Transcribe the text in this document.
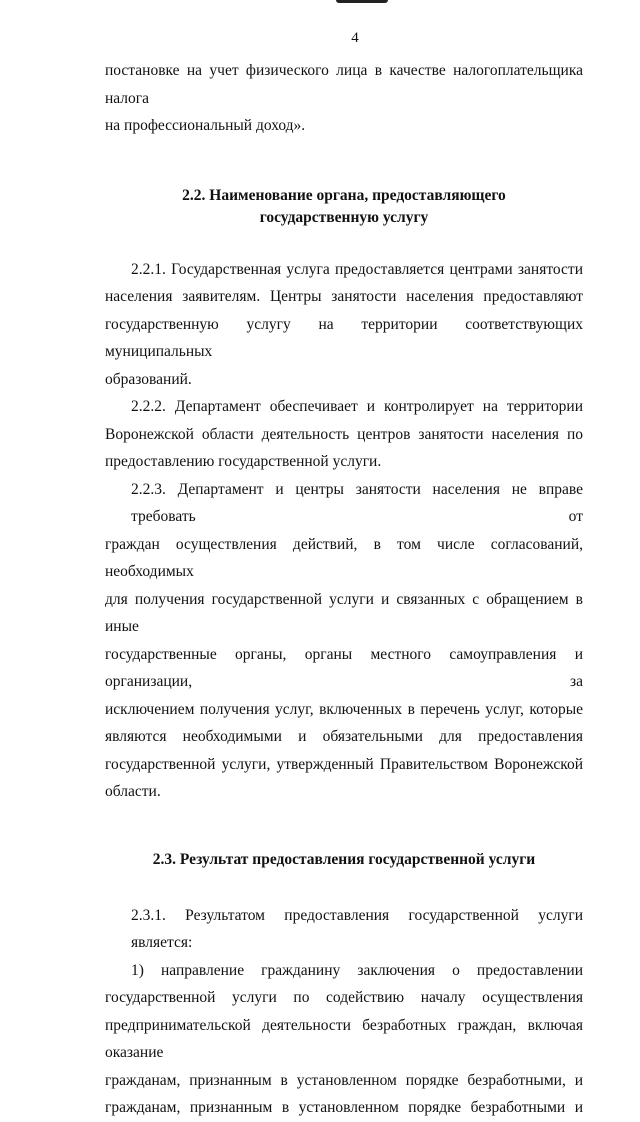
4
постановке на учет физического лица в качестве налогоплательщика налога
на профессиональный доход».
2.2. Наименование органа, предоставляющего
государственную услугу
2.2.1. Государственная услуга предоставляется центрами занятости
населения заявителям. Центры занятости населения предоставляют
государственную услугу на территории соответствующих муниципальных
образований.
2.2.2. Департамент обеспечивает и контролирует на территории
Воронежской области деятельность центров занятости населения по
предоставлению государственной услуги.
2.2.3. Департамент и центры занятости населения не вправе требовать от
граждан осуществления действий, в том числе согласований, необходимых
для получения государственной услуги и связанных с обращением в иные
государственные органы, органы местного самоуправления и организации, за
исключением получения услуг, включенных в перечень услуг, которые
являются необходимыми и обязательными для предоставления
государственной услуги, утвержденный Правительством Воронежской
области.
2.3. Результат предоставления государственной услуги
2.3.1. Результатом предоставления государственной услуги является:
1) направление гражданину заключения о предоставлении
государственной услуги по содействию началу осуществления
предпринимательской деятельности безработных граждан, включая оказание
гражданам, признанным в установленном порядке безработными, и
гражданам, признанным в установленном порядке безработными и
